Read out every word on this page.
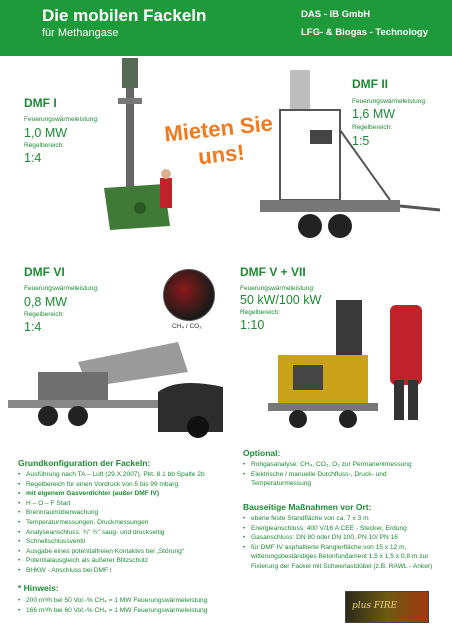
Die mobilen Fackeln
für Methangase
DAS - IB GmbH
LFG- & Biogas - Technology
DMF I
Feuerungswärmeleistung:
1,0 MW
Regelbereich:
1:4
Mieten Sie uns!
DMF II
Feuerungswärmeleistung:
1,6 MW
Regelbereich:
1:5
DMF VI
Feuerungswärmeleistung:
0,8 MW
Regelbereich:
1:4	CH₄ / CO₂
DMF V + VII
Feuerungswärmeleistung:
50 kW/100 kW
Regelbereich:
1:10
Grundkonfiguration der Fackeln:
• Ausführung nach TA – Luft (29.X.2007), Pkt. 8.1 bb Spalte 2b
• Regelbereich für einen Vordruck von 5 bis 99 mbarg
• mit eigenem Gasverdichter (außer DMF IV)
• H – O – F Start
• Brennraumüberwachung
• Temperaturmessungen, Druckmessungen
• Analyseanschluss: ¾" ½" saug- und druckseitig
• Schnellschlussventil
• Ausgabe eines potentialfreien Kontaktes bei „Störung“
• Potentialausgleich als äußerer Blitzschutz
• BHKW - Anschluss bei DMF I
* Hinweis:
• 200 m³/h bei 50 Vol.-% CH₄ = 1 MW Feuerungswärmeleistung
• 166 m³/h bei 60 Vol.-% CH₄ = 1 MW Feuerungswärmeleistung
Optional:
• Rohgasanalyse: CH₄, CO₂, O₂ zur Permanentmessung
• Elektrische / manuelle Durchfluss-, Druck- und Temperaturmessung
Bauseitige Maßnahmen vor Ort:
• ebene feste Standfläche von ca. 7 x 3 m
• Energieanschluss: 400 V/16 A CEE - Stecker, Erdung
• Gasanschluss: DN 80 oder DN 100, PN 10/ PN 16
• für DMF IV asphaltierte Rangierfläche von 15 x 12 m, witterungsbeständiges Betonfundament 1,5 x 1,5 x 0,8 m zur Fixierung der Fackel mit Schwerlastdübel (z.B. RAWL - Anker)
plus FIRE
